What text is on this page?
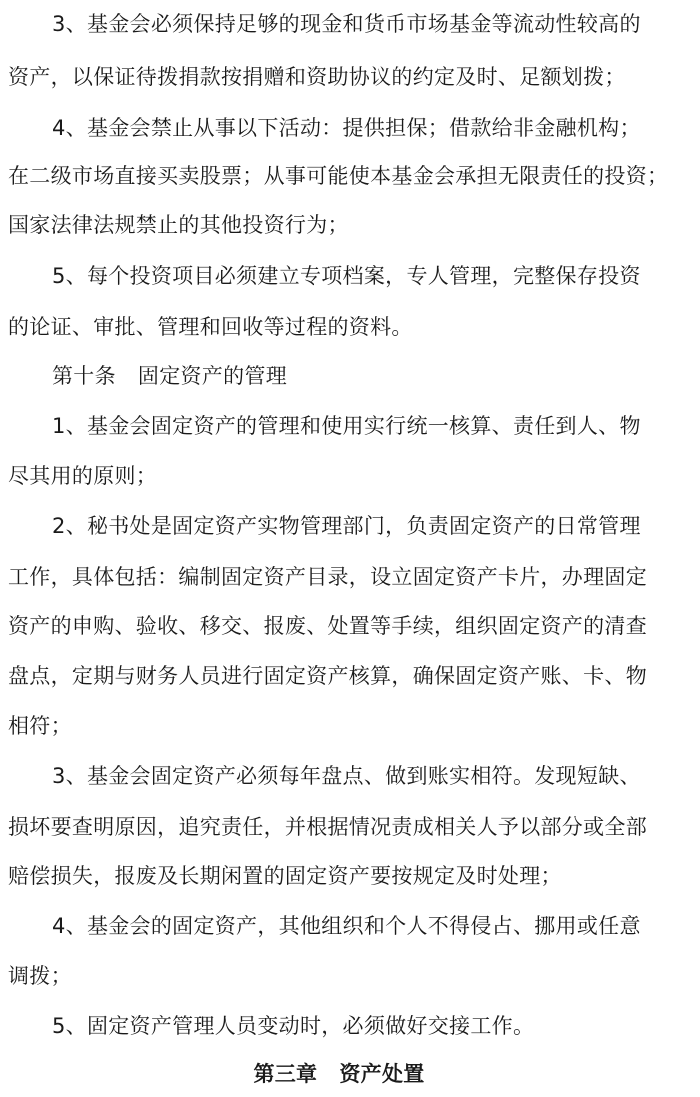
3、基金会必须保持足够的现金和货币市场基金等流动性较高的
资产，以保证待拨捐款按捐赠和资助协议的约定及时、足额划拨；
4、基金会禁止从事以下活动：提供担保；借款给非金融机构；
在二级市场直接买卖股票；从事可能使本基金会承担无限责任的投资；
国家法律法规禁止的其他投资行为；
5、每个投资项目必须建立专项档案，专人管理，完整保存投资
的论证、审批、管理和回收等过程的资料。
第十条 固定资产的管理
1、基金会固定资产的管理和使用实行统一核算、责任到人、物
尽其用的原则；
2、秘书处是固定资产实物管理部门，负责固定资产的日常管理
工作，具体包括：编制固定资产目录，设立固定资产卡片，办理固定
资产的申购、验收、移交、报废、处置等手续，组织固定资产的清查
盘点，定期与财务人员进行固定资产核算，确保固定资产账、卡、物
相符；
3、基金会固定资产必须每年盘点、做到账实相符。发现短缺、
损坏要查明原因，追究责任，并根据情况责成相关人予以部分或全部
赔偿损失，报废及长期闲置的固定资产要按规定及时处理；
4、基金会的固定资产，其他组织和个人不得侵占、挪用或任意
调拨；
5、固定资产管理人员变动时，必须做好交接工作。
第三章 资产处置
